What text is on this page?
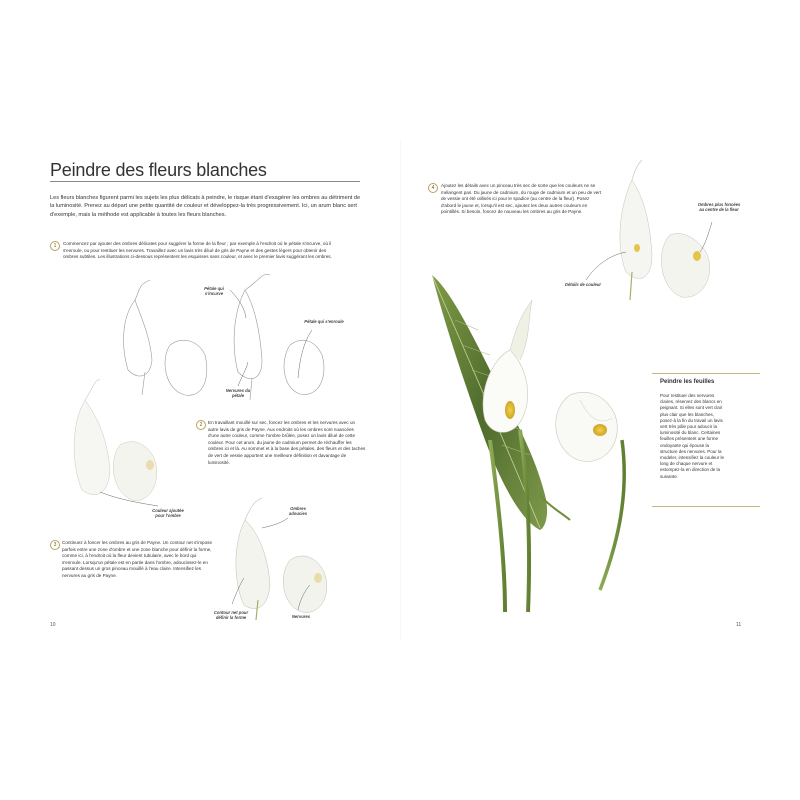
Peindre des fleurs blanches
Les fleurs blanches figurent parmi les sujets les plus délicats à peindre, le risque étant d'exagérer les ombres au détriment de la luminosité. Prenez au départ une petite quantité de couleur et développez-la très progressivement. Ici, un arum blanc sert d'exemple, mais la méthode est applicable à toutes les fleurs blanches.
1	Commencez par ajouter des ombres délicates pour suggérer la forme de la fleur ; par exemple à l'endroit où le pétale s'incurve, où il s'enroule, ou pour restituer les nervures. Travaillez avec un lavis très dilué de gris de Payne et des gestes légers pour obtenir des ombres subtiles. Les illustrations ci-dessous représentent les esquisses sans couleur, et avec le premier lavis suggérant les ombres.
2	En travaillant mouillé sur sec, foncez les ombres et les nervures avec un autre lavis de gris de Payne. Aux endroits où les ombres sont nuancées d'une autre couleur, comme l'ombre brûlée, posez un lavis dilué de cette couleur. Pour cet arum, du jaune de cadmium permet de réchauffer les ombres ici et là. Au sommet et à la base des pétales, des fleurs et des taches de vert de vessie apportent une meilleure définition et davantage de luminosité.
3	Continuez à foncer les ombres au gris de Payne. Un contour net s'impose parfois entre une zone d'ombre et une zone blanche pour définir la forme, comme ici, à l'endroit où la fleur devient tubulaire, avec le bord qui s'enroule. Lorsqu'un pétale est en partie dans l'ombre, adoucissez-le en passant dessus un gros pinceau mouillé à l'eau claire. Intensifiez les nervures au gris de Payne.
Pétale qui s'incurve
Pétale qui s'enroule
Nervures du pétale
Couleur ajoutée pour l'ombre
Ombres adoucies
Contour net pour définir la forme	Nervures
10
4	Ajoutez les détails avec un pinceau très sec de sorte que les couleurs ne se mélangent pas. Du jaune de cadmium, du rouge de cadmium et un peu de vert de vessie ont été utilisés ici pour le spadice (au centre de la fleur). Posez d'abord le jaune et, lorsqu'il est sec, ajoutez les deux autres couleurs en pointillés. Si besoin, foncez de nouveau les ombres au gris de Payne.
Détails de couleur
Ombres plus foncées au centre de la fleur
Peindre les feuilles
Pour restituer des nervures claires, réservez des blancs en peignant. Si elles sont vert clair plus clair que les blanches, posez-à la fin du travail un lavis vert très pâle pour adoucir la luminosité du blanc. Certaines feuilles présentent une forme ondoyante qui épouse la structure des nervures. Pour la modeler, intensifiez la couleur le long de chaque nervure et estompez-la en direction de la suivante.
11
